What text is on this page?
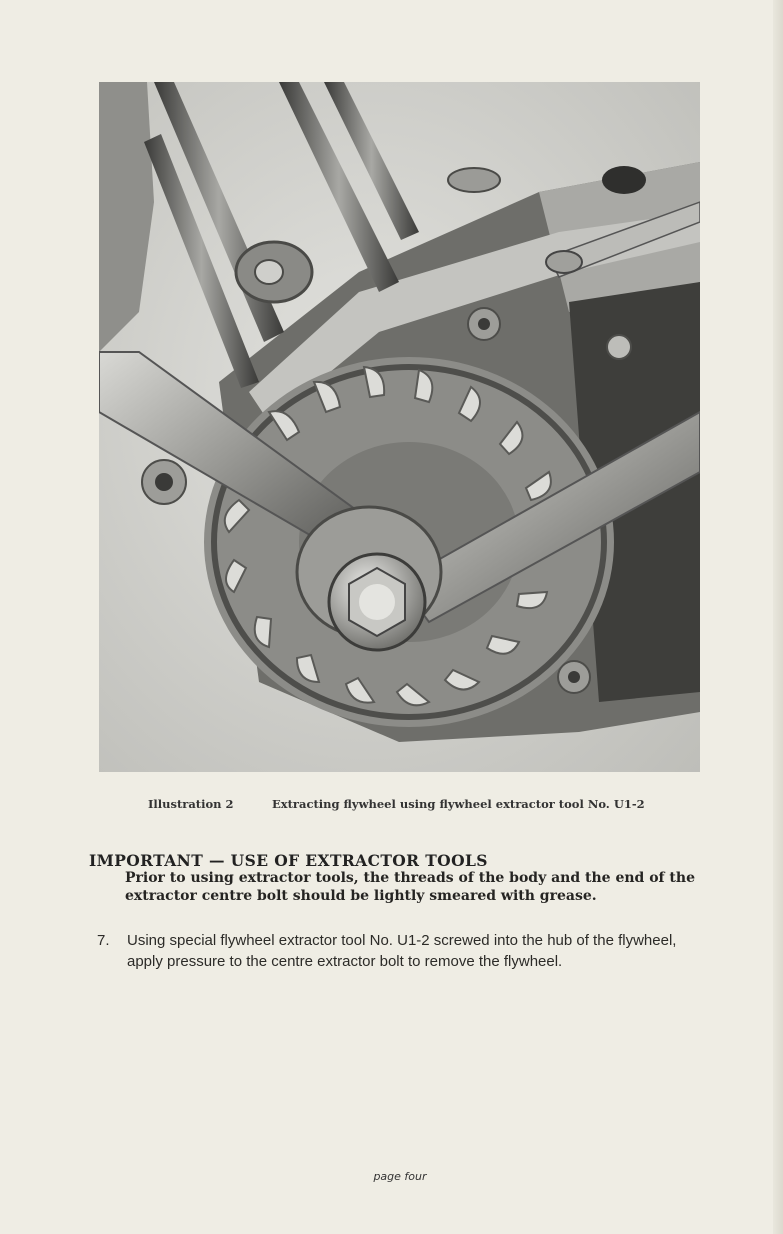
Illustration 2	Extracting flywheel using flywheel extractor tool No. U1-2
IMPORTANT — USE OF EXTRACTOR TOOLS
Prior to using extractor tools, the threads of the body and the end of the extractor centre bolt should be lightly smeared with grease.
7. Using special flywheel extractor tool No. U1-2 screwed into the hub of the flywheel, apply pressure to the centre extractor bolt to remove the flywheel.
page four
